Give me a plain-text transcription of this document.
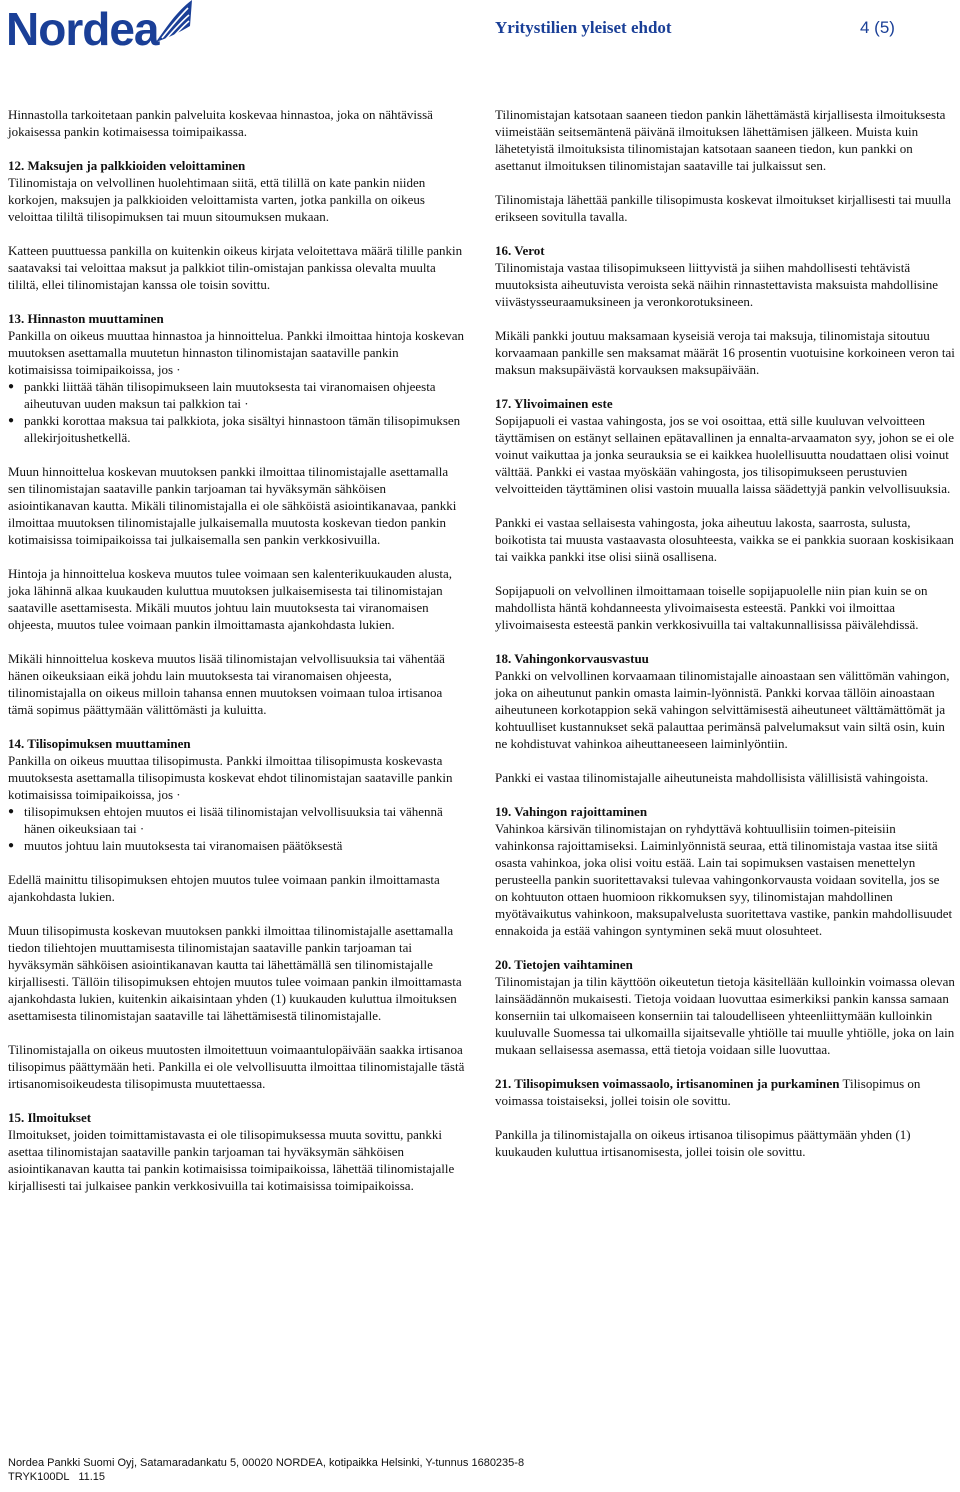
Nordea	Yritystilien yleiset ehdot	4 (5)

Hinnastolla tarkoitetaan pankin palveluita koskevaa hinnastoa, joka on nähtävissä jokaisessa pankin kotimaisessa toimipaikassa.

12. Maksujen ja palkkioiden veloittaminen

Tilinomistaja on velvollinen huolehtimaan siitä, että tilillä on kate pankin niiden korkojen, maksujen ja palkkioiden veloittamista varten, jotka pankilla on oikeus veloittaa tililtä tilisopimuksen tai muun sitoumuksen mukaan.

Katteen puuttuessa pankilla on kuitenkin oikeus kirjata veloitettava määrä tilille pankin saatavaksi tai veloittaa maksut ja palkkiot tilin-omistajan pankissa olevalta muulta tililtä, ellei tilinomistajan kanssa ole toisin sovittu.

13. Hinnaston muuttaminen

Pankilla on oikeus muuttaa hinnastoa ja hinnoittelua. Pankki ilmoittaa hintoja koskevan muutoksen asettamalla muutetun hinnaston tilinomistajan saataville pankin kotimaisissa toimipaikoissa, jos ·

● pankki liittää tähän tilisopimukseen lain muutoksesta tai viranomaisen ohjeesta aiheutuvan uuden maksun tai palkkion tai ·
● pankki korottaa maksua tai palkkiota, joka sisältyi hinnastoon tämän tilisopimuksen allekirjoitushetkellä.

Muun hinnoittelua koskevan muutoksen pankki ilmoittaa tilinomistajalle asettamalla sen tilinomistajan saataville pankin tarjoaman tai hyväksymän sähköisen asiointikanavan kautta. Mikäli tilinomistajalla ei ole sähköistä asiointikanavaa, pankki ilmoittaa muutoksen tilinomistajalle julkaisemalla muutosta koskevan tiedon pankin kotimaisissa toimipaikoissa tai julkaisemalla sen pankin verkkosivuilla.

Hintoja ja hinnoittelua koskeva muutos tulee voimaan sen kalenterikuukauden alusta, joka lähinnä alkaa kuukauden kuluttua muutoksen julkaisemisesta tai tilinomistajan saataville asettamisesta. Mikäli muutos johtuu lain muutoksesta tai viranomaisen ohjeesta, muutos tulee voimaan pankin ilmoittamasta ajankohdasta lukien.

Mikäli hinnoittelua koskeva muutos lisää tilinomistajan velvollisuuksia tai vähentää hänen oikeuksiaan eikä johdu lain muutoksesta tai viranomaisen ohjeesta, tilinomistajalla on oikeus milloin tahansa ennen muutoksen voimaan tuloa irtisanoa tämä sopimus päättymään välittömästi ja kuluitta.

14. Tilisopimuksen muuttaminen

Pankilla on oikeus muuttaa tilisopimusta. Pankki ilmoittaa tilisopimusta koskevasta muutoksesta asettamalla tilisopimusta koskevat ehdot tilinomistajan saataville pankin kotimaisissa toimipaikoissa, jos ·

● tilisopimuksen ehtojen muutos ei lisää tilinomistajan velvollisuuksia tai vähennä hänen oikeuksiaan tai ·
● muutos johtuu lain muutoksesta tai viranomaisen päätöksestä

Edellä mainittu tilisopimuksen ehtojen muutos tulee voimaan pankin ilmoittamasta ajankohdasta lukien.

Muun tilisopimusta koskevan muutoksen pankki ilmoittaa tilinomistajalle asettamalla tiedon tiliehtojen muuttamisesta tilinomistajan saataville pankin tarjoaman tai hyväksymän sähköisen asiointikanavan kautta tai lähettämällä sen tilinomistajalle kirjallisesti. Tällöin tilisopimuksen ehtojen muutos tulee voimaan pankin ilmoittamasta ajankohdasta lukien, kuitenkin aikaisintaan yhden (1) kuukauden kuluttua ilmoituksen asettamisesta tilinomistajan saataville tai lähettämisestä tilinomistajalle.

Tilinomistajalla on oikeus muutosten ilmoitettuun voimaantulopäivään saakka irtisanoa tilisopimus päättymään heti. Pankilla ei ole velvollisuutta ilmoittaa tilinomistajalle tästä irtisanomisoikeudesta tilisopimusta muutettaessa.

15. Ilmoitukset

Ilmoitukset, joiden toimittamistavasta ei ole tilisopimuksessa muuta sovittu, pankki asettaa tilinomistajan saataville pankin tarjoaman tai hyväksymän sähköisen asiointikanavan kautta tai pankin kotimaisissa toimipaikoissa, lähettää tilinomistajalle kirjallisesti tai julkaisee pankin verkkosivuilla tai kotimaisissa toimipaikoissa.

Tilinomistajan katsotaan saaneen tiedon pankin lähettämästä kirjallisesta ilmoituksesta viimeistään seitsemäntenä päivänä ilmoituksen lähettämisen jälkeen. Muista kuin lähetetyistä ilmoituksista tilinomistajan katsotaan saaneen tiedon, kun pankki on asettanut ilmoituksen tilinomistajan saataville tai julkaissut sen.

Tilinomistaja lähettää pankille tilisopimusta koskevat ilmoitukset kirjallisesti tai muulla erikseen sovitulla tavalla.

16. Verot

Tilinomistaja vastaa tilisopimukseen liittyvistä ja siihen mahdollisesti tehtävistä muutoksista aiheutuvista veroista sekä näihin rinnastettavista maksuista mahdollisine viivästysseuraamuksineen ja veronkorotuksineen.

Mikäli pankki joutuu maksamaan kyseisiä veroja tai maksuja, tilinomistaja sitoutuu korvaamaan pankille sen maksamat määrät 16 prosentin vuotuisine korkoineen veron tai maksun maksupäivästä korvauksen maksupäivään.

17. Ylivoimainen este

Sopijapuoli ei vastaa vahingosta, jos se voi osoittaa, että sille kuuluvan velvoitteen täyttämisen on estänyt sellainen epätavallinen ja ennalta-arvaamaton syy, johon se ei ole voinut vaikuttaa ja jonka seurauksia se ei kaikkea huolellisuutta noudattaen olisi voinut välttää. Pankki ei vastaa myöskään vahingosta, jos tilisopimukseen perustuvien velvoitteiden täyttäminen olisi vastoin muualla laissa säädettyjä pankin velvollisuuksia.

Pankki ei vastaa sellaisesta vahingosta, joka aiheutuu lakosta, saarrosta, sulusta, boikotista tai muusta vastaavasta olosuhteesta, vaikka se ei pankkia suoraan koskisikaan tai vaikka pankki itse olisi siinä osallisena.

Sopijapuoli on velvollinen ilmoittamaan toiselle sopijapuolelle niin pian kuin se on mahdollista häntä kohdanneesta ylivoimaisesta esteestä. Pankki voi ilmoittaa ylivoimaisesta esteestä pankin verkkosivuilla tai valtakunnallisissa päivälehdissä.

18. Vahingonkorvausvastuu

Pankki on velvollinen korvaamaan tilinomistajalle ainoastaan sen välittömän vahingon, joka on aiheutunut pankin omasta laimin-lyönnistä. Pankki korvaa tällöin ainoastaan aiheutuneen korkotappion sekä vahingon selvittämisestä aiheutuneet välttämättömät ja kohtuulliset kustannukset sekä palauttaa perimänsä palvelumaksut vain siltä osin, kuin ne kohdistuvat vahinkoa aiheuttaneeseen laiminlyöntiin.

Pankki ei vastaa tilinomistajalle aiheutuneista mahdollisista välillisistä vahingoista.

19. Vahingon rajoittaminen

Vahinkoa kärsivän tilinomistajan on ryhdyttävä kohtuullisiin toimen-piteisiin vahinkonsa rajoittamiseksi. Laiminlyönnistä seuraa, että tilinomistaja vastaa itse siitä osasta vahinkoa, joka olisi voitu estää. Lain tai sopimuksen vastaisen menettelyn perusteella pankin suoritettavaksi tulevaa vahingonkorvausta voidaan sovitella, jos se on kohtuuton ottaen huomioon rikkomuksen syy, tilinomistajan mahdollinen myötävaikutus vahinkoon, maksupalvelusta suoritettava vastike, pankin mahdollisuudet ennakoida ja estää vahingon syntyminen sekä muut olosuhteet.

20. Tietojen vaihtaminen

Tilinomistajan ja tilin käyttöön oikeutetun tietoja käsitellään kulloinkin voimassa olevan lainsäädännön mukaisesti. Tietoja voidaan luovuttaa esimerkiksi pankin kanssa samaan konserniin tai ulkomaiseen konserniin tai taloudelliseen yhteenliittymään kulloinkin kuuluvalle Suomessa tai ulkomailla sijaitsevalle yhtiölle tai muulle yhtiölle, joka on lain mukaan sellaisessa asemassa, että tietoja voidaan sille luovuttaa.

21. Tilisopimuksen voimassaolo, irtisanominen ja purkaminen Tilisopimus on voimassa toistaiseksi, jollei toisin ole sovittu.

Pankilla ja tilinomistajalla on oikeus irtisanoa tilisopimus päättymään yhden (1) kuukauden kuluttua irtisanomisesta, jollei toisin ole sovittu.

Nordea Pankki Suomi Oyj, Satamaradankatu 5, 00020 NORDEA, kotipaikka Helsinki, Y-tunnus 1680235-8
TRYK100DL   11.15
